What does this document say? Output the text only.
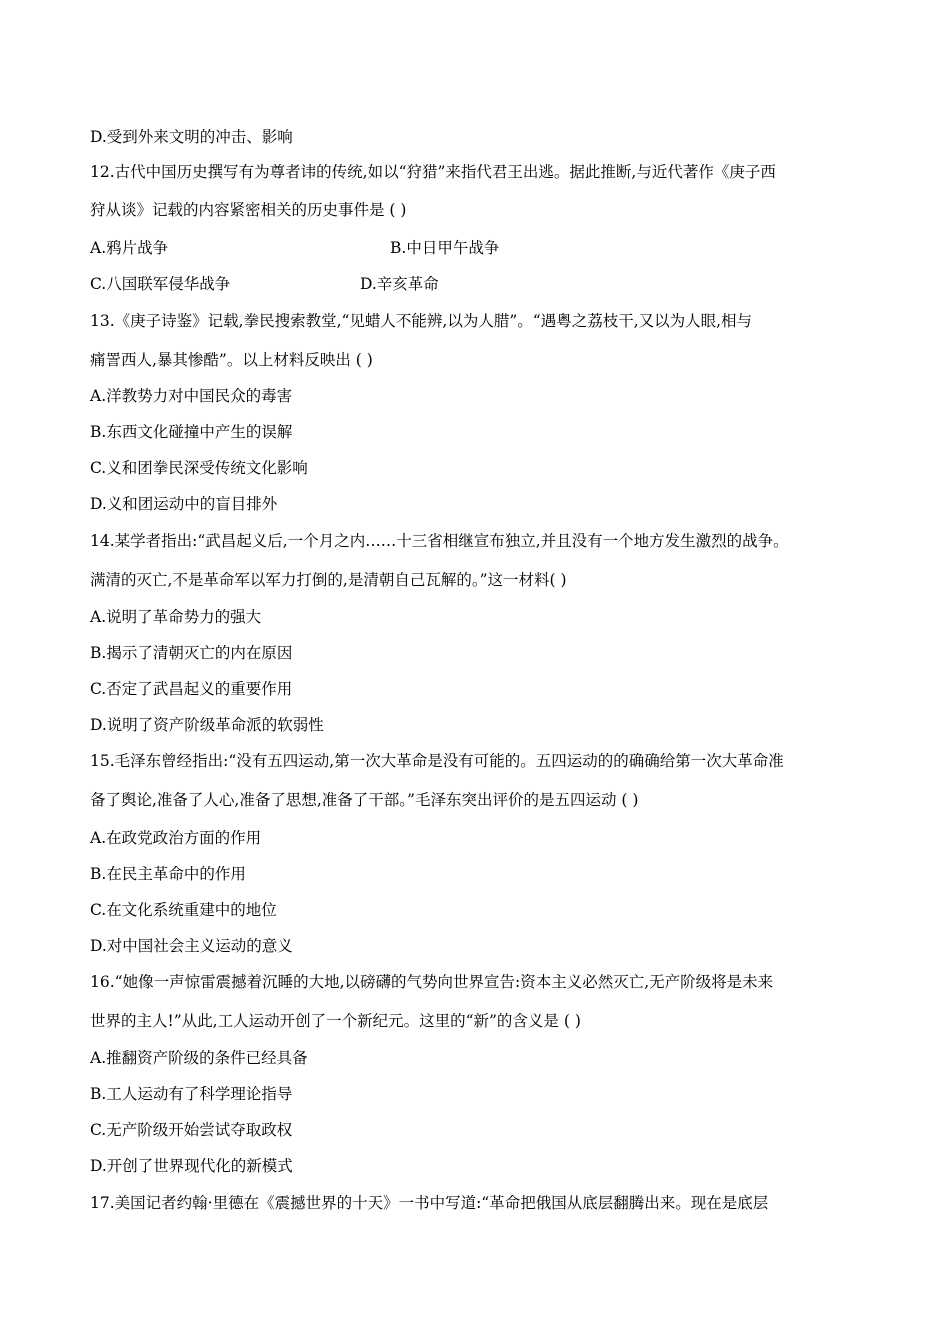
D.受到外来文明的冲击、影响
12.古代中国历史撰写有为尊者讳的传统,如以“狩猎”来指代君王出逃。据此推断,与近代著作《庚子西
狩从谈》记载的内容紧密相关的历史事件是 ( )
A.鸦片战争	B.中日甲午战争
C.八国联军侵华战争	D.辛亥革命
13.《庚子诗鉴》记载,拳民搜索教堂,“见蜡人不能辨,以为人腊”。“遇粤之荔枝干,又以为人眼,相与
痛詈西人,暴其惨酷”。以上材料反映出 ( )
A.洋教势力对中国民众的毒害
B.东西文化碰撞中产生的误解
C.义和团拳民深受传统文化影响
D.义和团运动中的盲目排外
14.某学者指出:“武昌起义后,一个月之内……十三省相继宣布独立,并且没有一个地方发生激烈的战争。
满清的灭亡,不是革命军以军力打倒的,是清朝自己瓦解的。”这一材料( )
A.说明了革命势力的强大
B.揭示了清朝灭亡的内在原因
C.否定了武昌起义的重要作用
D.说明了资产阶级革命派的软弱性
15.毛泽东曾经指出:“没有五四运动,第一次大革命是没有可能的。五四运动的的确确给第一次大革命准
备了舆论,准备了人心,准备了思想,准备了干部。”毛泽东突出评价的是五四运动 ( )
A.在政党政治方面的作用
B.在民主革命中的作用
C.在文化系统重建中的地位
D.对中国社会主义运动的意义
16.“她像一声惊雷震撼着沉睡的大地,以磅礴的气势向世界宣告:资本主义必然灭亡,无产阶级将是未来
世界的主人!”从此,工人运动开创了一个新纪元。这里的“新”的含义是 ( )
A.推翻资产阶级的条件已经具备
B.工人运动有了科学理论指导
C.无产阶级开始尝试夺取政权
D.开创了世界现代化的新模式
17.美国记者约翰·里德在《震撼世界的十天》一书中写道:“革命把俄国从底层翻腾出来。现在是底层
